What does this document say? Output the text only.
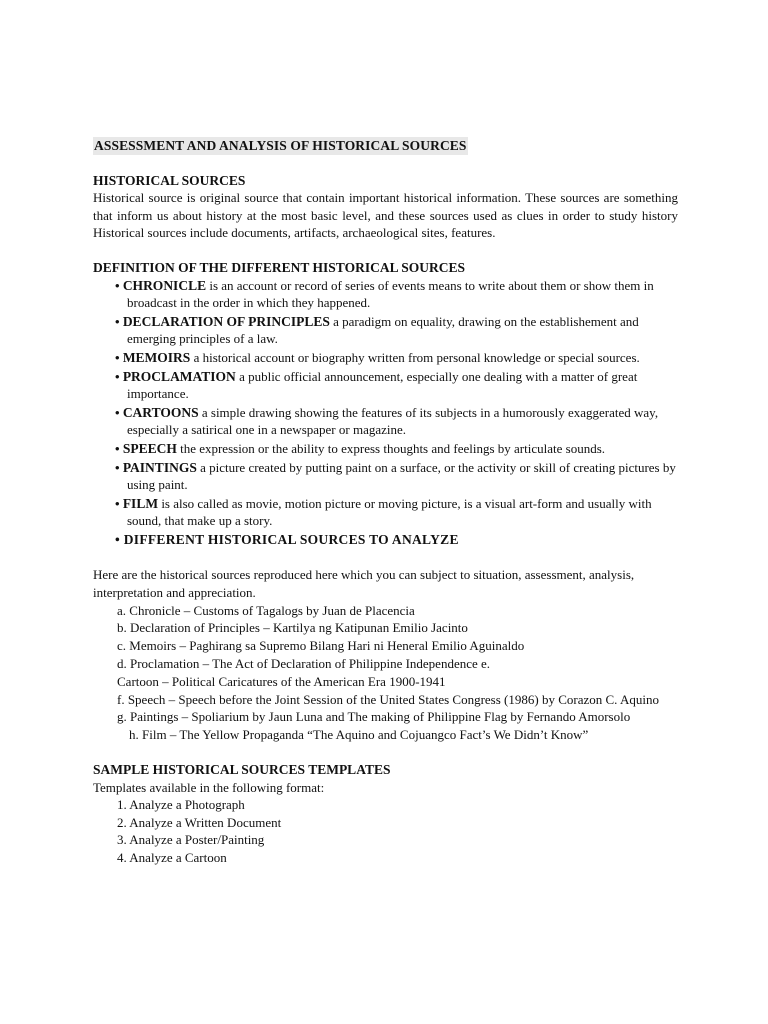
ASSESSMENT AND ANALYSIS OF HISTORICAL SOURCES
HISTORICAL SOURCES

Historical source is original source that contain important historical information. These sources are something that inform us about history at the most basic level, and these sources used as clues in order to study history Historical sources include documents, artifacts, archaeological sites, features.

DEFINITION OF THE DIFFERENT HISTORICAL SOURCES
• CHRONICLE is an account or record of series of events means to write about them or show them in broadcast in the order in which they happened.
• DECLARATION OF PRINCIPLES a paradigm on equality, drawing on the establishement and emerging principles of a law.
• MEMOIRS a historical account or biography written from personal knowledge or special sources.
• PROCLAMATION a public official announcement, especially one dealing with a matter of great importance.
• CARTOONS a simple drawing showing the features of its subjects in a humorously exaggerated way, especially a satirical one in a newspaper or magazine.
• SPEECH the expression or the ability to express thoughts and feelings by articulate sounds.
• PAINTINGS a picture created by putting paint on a surface, or the activity or skill of creating pictures by using paint.
• FILM is also called as movie, motion picture or moving picture, is a visual art-form and usually with sound, that make up a story.
• DIFFERENT HISTORICAL SOURCES TO ANALYZE

Here are the historical sources reproduced here which you can subject to situation, assessment, analysis, interpretation and appreciation.

a. Chronicle – Customs of Tagalogs by Juan de Placencia
b. Declaration of Principles – Kartilya ng Katipunan Emilio Jacinto
c. Memoirs – Paghirang sa Supremo Bilang Hari ni Heneral Emilio Aguinaldo
d. Proclamation – The Act of Declaration of Philippine Independence e.
Cartoon – Political Caricatures of the American Era 1900-1941
f. Speech – Speech before the Joint Session of the United States Congress (1986) by Corazon C. Aquino
g. Paintings – Spoliarium by Jaun Luna and The making of Philippine Flag by Fernando Amorsolo
h. Film – The Yellow Propaganda “The Aquino and Cojuangco Fact’s We Didn’t Know”
SAMPLE HISTORICAL SOURCES TEMPLATES

Templates available in the following format:

1. Analyze a Photograph
2. Analyze a Written Document
3. Analyze a Poster/Painting
4. Analyze a Cartoon
